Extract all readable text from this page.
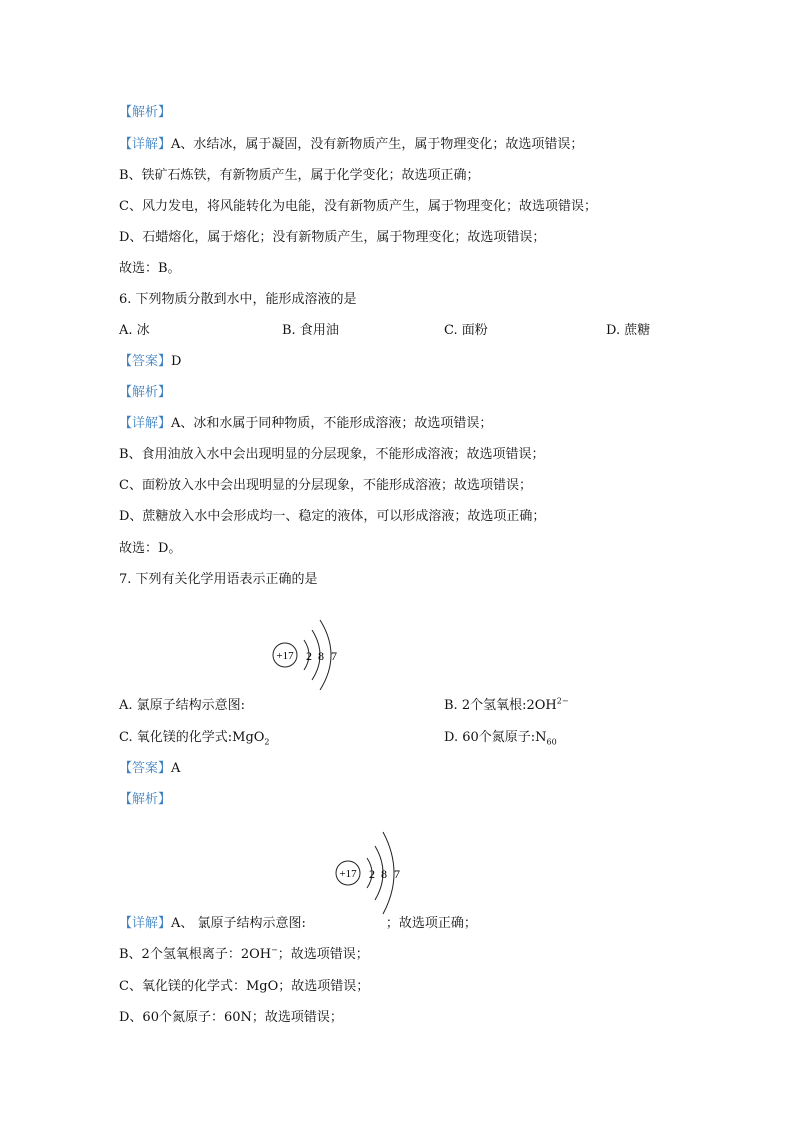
【解析】
【详解】A、水结冰，属于凝固，没有新物质产生，属于物理变化；故选项错误；
B、铁矿石炼铁，有新物质产生，属于化学变化；故选项正确；
C、风力发电，将风能转化为电能，没有新物质产生，属于物理变化；故选项错误；
D、石蜡熔化，属于熔化；没有新物质产生，属于物理变化；故选项错误；
故选：B。
6. 下列物质分散到水中，能形成溶液的是
A. 冰	B. 食用油	C. 面粉	D. 蔗糖
【答案】D
【解析】
【详解】A、冰和水属于同种物质，不能形成溶液；故选项错误；
B、食用油放入水中会出现明显的分层现象，不能形成溶液；故选项错误；
C、面粉放入水中会出现明显的分层现象，不能形成溶液；故选项错误；
D、蔗糖放入水中会形成均一、稳定的液体，可以形成溶液；故选项正确；
故选：D。
7. 下列有关化学用语表示正确的是
+17 2 8 7
A. 氯原子结构示意图:	B. 2个氢氧根$:2OH^{2-}$
C. 氧化镁的化学式:MgO$_2$	D. 60个氮原子$:N_{60}$
【答案】A
【解析】
+17 2 8 7
【详解】A、 氯原子结构示意图:	；故选项正确；
B、2个氢氧根离子：2OH−；故选项错误；
C、氧化镁的化学式：MgO；故选项错误；
D、60个氮原子：60N；故选项错误；
